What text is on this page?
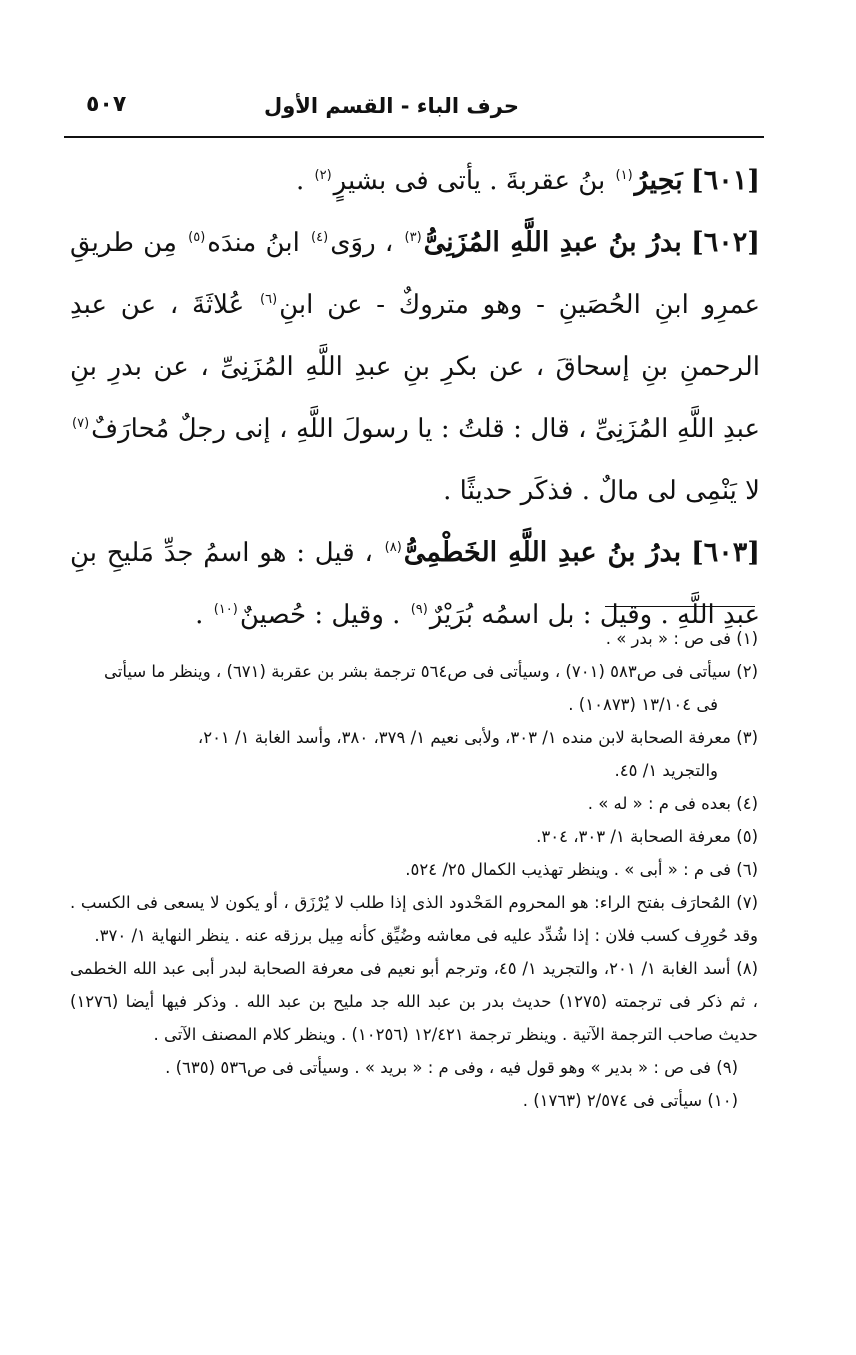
حرف الباء - القسم الأول
٥٠٧

[٦٠١] بَحِيرُ$^{(١)}$ بنُ عقربةَ . يأتى فى بشيرٍ$^{(٢)}$ .

[٦٠٢] بدرُ بنُ عبدِ اللَّهِ المُزَنِىُّ$^{(٣)}$ ، روَى$^{(٤)}$ ابنُ مندَه$^{(٥)}$ مِن طريقِ عمرِو ابنِ الحُصَينِ - وهو متروكٌ - عن ابنِ$^{(٦)}$ عُلاثَةَ ، عن عبدِ الرحمنِ بنِ إسحاقَ ، عن بكرِ بنِ عبدِ اللَّهِ المُزَنِىِّ ، عن بدرِ بنِ عبدِ اللَّهِ المُزَنِىِّ ، قال : قلتُ : يا رسولَ اللَّهِ ، إنى رجلٌ مُحارَفٌ$^{(٧)}$ لا يَنْمِى لى مالٌ . فذكَر حديثًا .

[٦٠٣] بدرُ بنُ عبدِ اللَّهِ الخَطْمِىُّ$^{(٨)}$ ، قيل : هو اسمُ جدِّ مَليحِ بنِ عبدِ اللَّهِ . وقيل : بل اسمُه بُرَيْرٌ$^{(٩)}$ . وقيل : حُصينٌ$^{(١٠)}$ .

(١) فى ص : « بدر » .

(٢) سيأتى فى ص٥٨٣ (٧٠١) ، وسيأتى فى ص٥٦٤ ترجمة بشر بن عقربة (٦٧١) ، وينظر ما سيأتى
فى ١٣/١٠٤ (١٠٨٧٣) .

(٣) معرفة الصحابة لابن منده ١/ ٣٠٣، ولأبى نعيم ١/ ٣٧٩، ٣٨٠، وأسد الغابة ١/ ٢٠١،
والتجريد ١/ ٤٥.

(٤) بعده فى م : « له » .

(٥) معرفة الصحابة ١/ ٣٠٣، ٣٠٤.

(٦) فى م : « أبى » . وينظر تهذيب الكمال ٢٥/ ٥٢٤.

(٧) المُحارَف بفتح الراء: هو المحروم المَحْدود الذى إذا طلب لا يُرْزَق ، أو يكون لا يسعى فى الكسب . وقد حُورِف كسب فلان : إذا شُدِّد عليه فى معاشه وضُيِّق كأنه مِيل برزقه عنه . ينظر النهاية ١/ ٣٧٠.

(٨) أسد الغابة ١/ ٢٠١، والتجريد ١/ ٤٥، وترجم أبو نعيم فى معرفة الصحابة لبدر أبى عبد الله الخطمى ، ثم ذكر فى ترجمته (١٢٧٥) حديث بدر بن عبد الله جد مليح بن عبد الله . وذكر فيها أيضا (١٢٧٦) حديث صاحب الترجمة الآتية . وينظر ترجمة ١٢/٤٢١ (١٠٢٥٦) . وينظر كلام المصنف الآتى .

(٩) فى ص : « بدير » وهو قول فيه ، وفى م : « بريد » . وسيأتى فى ص٥٣٦ (٦٣٥) .

(١٠) سيأتى فى ٢/٥٧٤ (١٧٦٣) .
